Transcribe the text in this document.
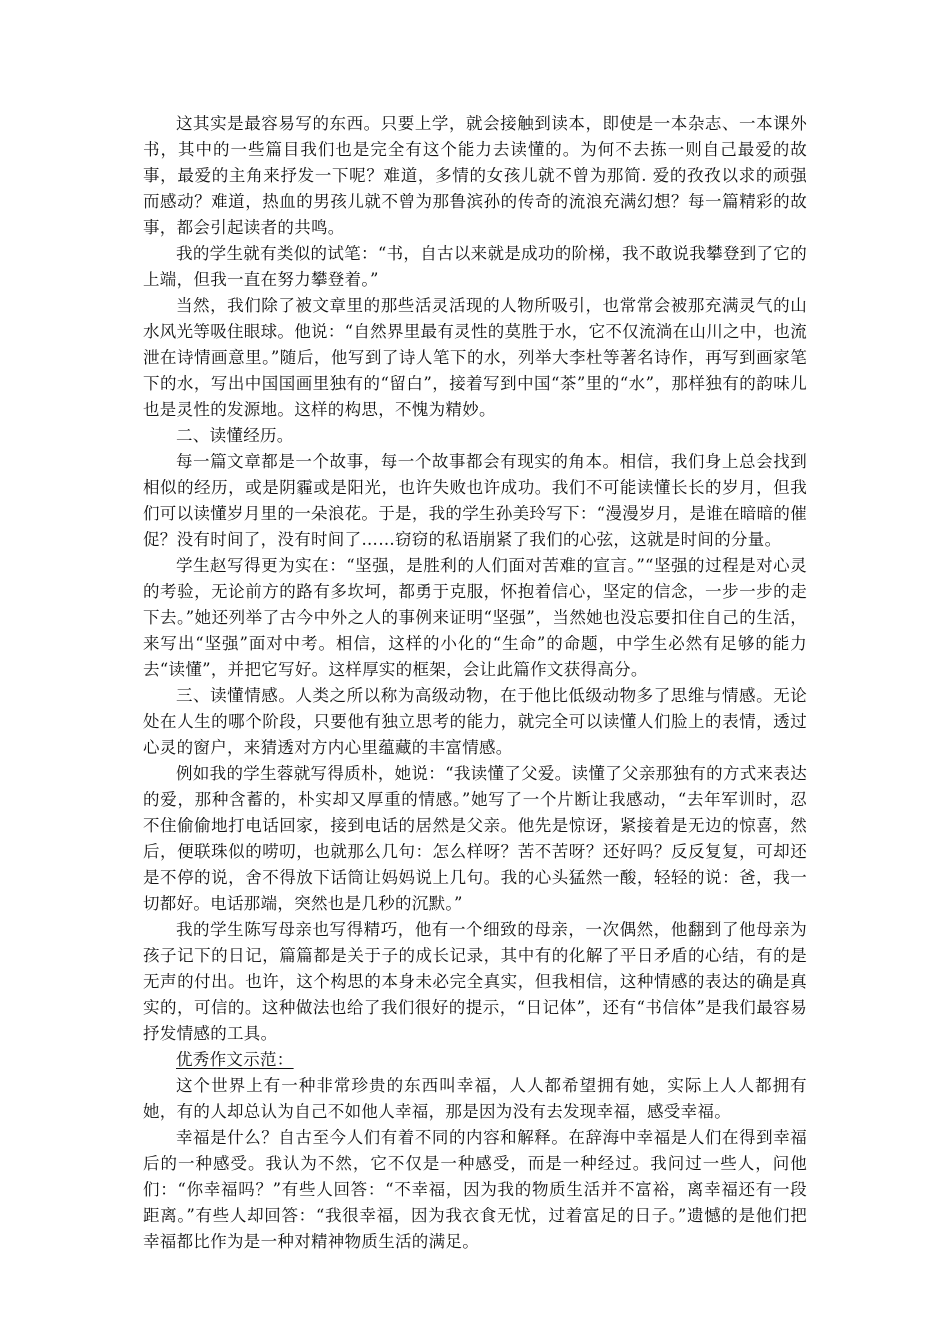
这其实是最容易写的东西。只要上学，就会接触到读本，即使是一本杂志、一本课外书，其中的一些篇目我们也是完全有这个能力去读懂的。为何不去拣一则自己最爱的故事，最爱的主角来抒发一下呢？难道，多情的女孩儿就不曾为那简. 爱的孜孜以求的顽强而感动？难道，热血的男孩儿就不曾为那鲁滨孙的传奇的流浪充满幻想？每一篇精彩的故事，都会引起读者的共鸣。

我的学生就有类似的试笔：“书，自古以来就是成功的阶梯，我不敢说我攀登到了它的上端，但我一直在努力攀登着。”

当然，我们除了被文章里的那些活灵活现的人物所吸引，也常常会被那充满灵气的山水风光等吸住眼球。他说：“自然界里最有灵性的莫胜于水，它不仅流淌在山川之中，也流泄在诗情画意里。”随后，他写到了诗人笔下的水，列举大李杜等著名诗作，再写到画家笔下的水，写出中国国画里独有的“留白”，接着写到中国“茶”里的“水”，那样独有的韵味儿也是灵性的发源地。这样的构思，不愧为精妙。

二、读懂经历。

每一篇文章都是一个故事，每一个故事都会有现实的角本。相信，我们身上总会找到相似的经历，或是阴霾或是阳光，也许失败也许成功。我们不可能读懂长长的岁月，但我们可以读懂岁月里的一朵浪花。于是，我的学生孙美玲写下：“漫漫岁月，是谁在暗暗的催促？没有时间了，没有时间了……窃窃的私语崩紧了我们的心弦，这就是时间的分量。

学生赵写得更为实在：“坚强，是胜利的人们面对苦难的宣言。”“坚强的过程是对心灵的考验，无论前方的路有多坎坷，都勇于克服，怀抱着信心，坚定的信念，一步一步的走下去。”她还列举了古今中外之人的事例来证明“坚强”，当然她也没忘要扣住自己的生活，来写出“坚强”面对中考。相信，这样的小化的“生命”的命题，中学生必然有足够的能力去“读懂”，并把它写好。这样厚实的框架，会让此篇作文获得高分。

三、读懂情感。人类之所以称为高级动物，在于他比低级动物多了思维与情感。无论处在人生的哪个阶段，只要他有独立思考的能力，就完全可以读懂人们脸上的表情，透过心灵的窗户，来猜透对方内心里蕴藏的丰富情感。

例如我的学生蓉就写得质朴，她说：“我读懂了父爱。读懂了父亲那独有的方式来表达的爱，那种含蓄的，朴实却又厚重的情感。”她写了一个片断让我感动，“去年军训时，忍不住偷偷地打电话回家，接到电话的居然是父亲。他先是惊讶，紧接着是无边的惊喜，然后，便联珠似的唠叨，也就那么几句：怎么样呀？苦不苦呀？还好吗？反反复复，可却还是不停的说，舍不得放下话筒让妈妈说上几句。我的心头猛然一酸，轻轻的说：爸，我一切都好。电话那端，突然也是几秒的沉默。”

我的学生陈写母亲也写得精巧，他有一个细致的母亲，一次偶然，他翻到了他母亲为孩子记下的日记，篇篇都是关于子的成长记录，其中有的化解了平日矛盾的心结，有的是无声的付出。也许，这个构思的本身未必完全真实，但我相信，这种情感的表达的确是真实的，可信的。这种做法也给了我们很好的提示，“日记体”，还有“书信体”是我们最容易抒发情感的工具。

优秀作文示范：

这个世界上有一种非常珍贵的东西叫幸福，人人都希望拥有她，实际上人人都拥有她，有的人却总认为自己不如他人幸福，那是因为没有去发现幸福，感受幸福。

幸福是什么？自古至今人们有着不同的内容和解释。在辞海中幸福是人们在得到幸福后的一种感受。我认为不然，它不仅是一种感受，而是一种经过。我问过一些人，问他们：“你幸福吗？”有些人回答：“不幸福，因为我的物质生活并不富裕，离幸福还有一段距离。”有些人却回答：“我很幸福，因为我衣食无忧，过着富足的日子。”遗憾的是他们把幸福都比作为是一种对精神物质生活的满足。
